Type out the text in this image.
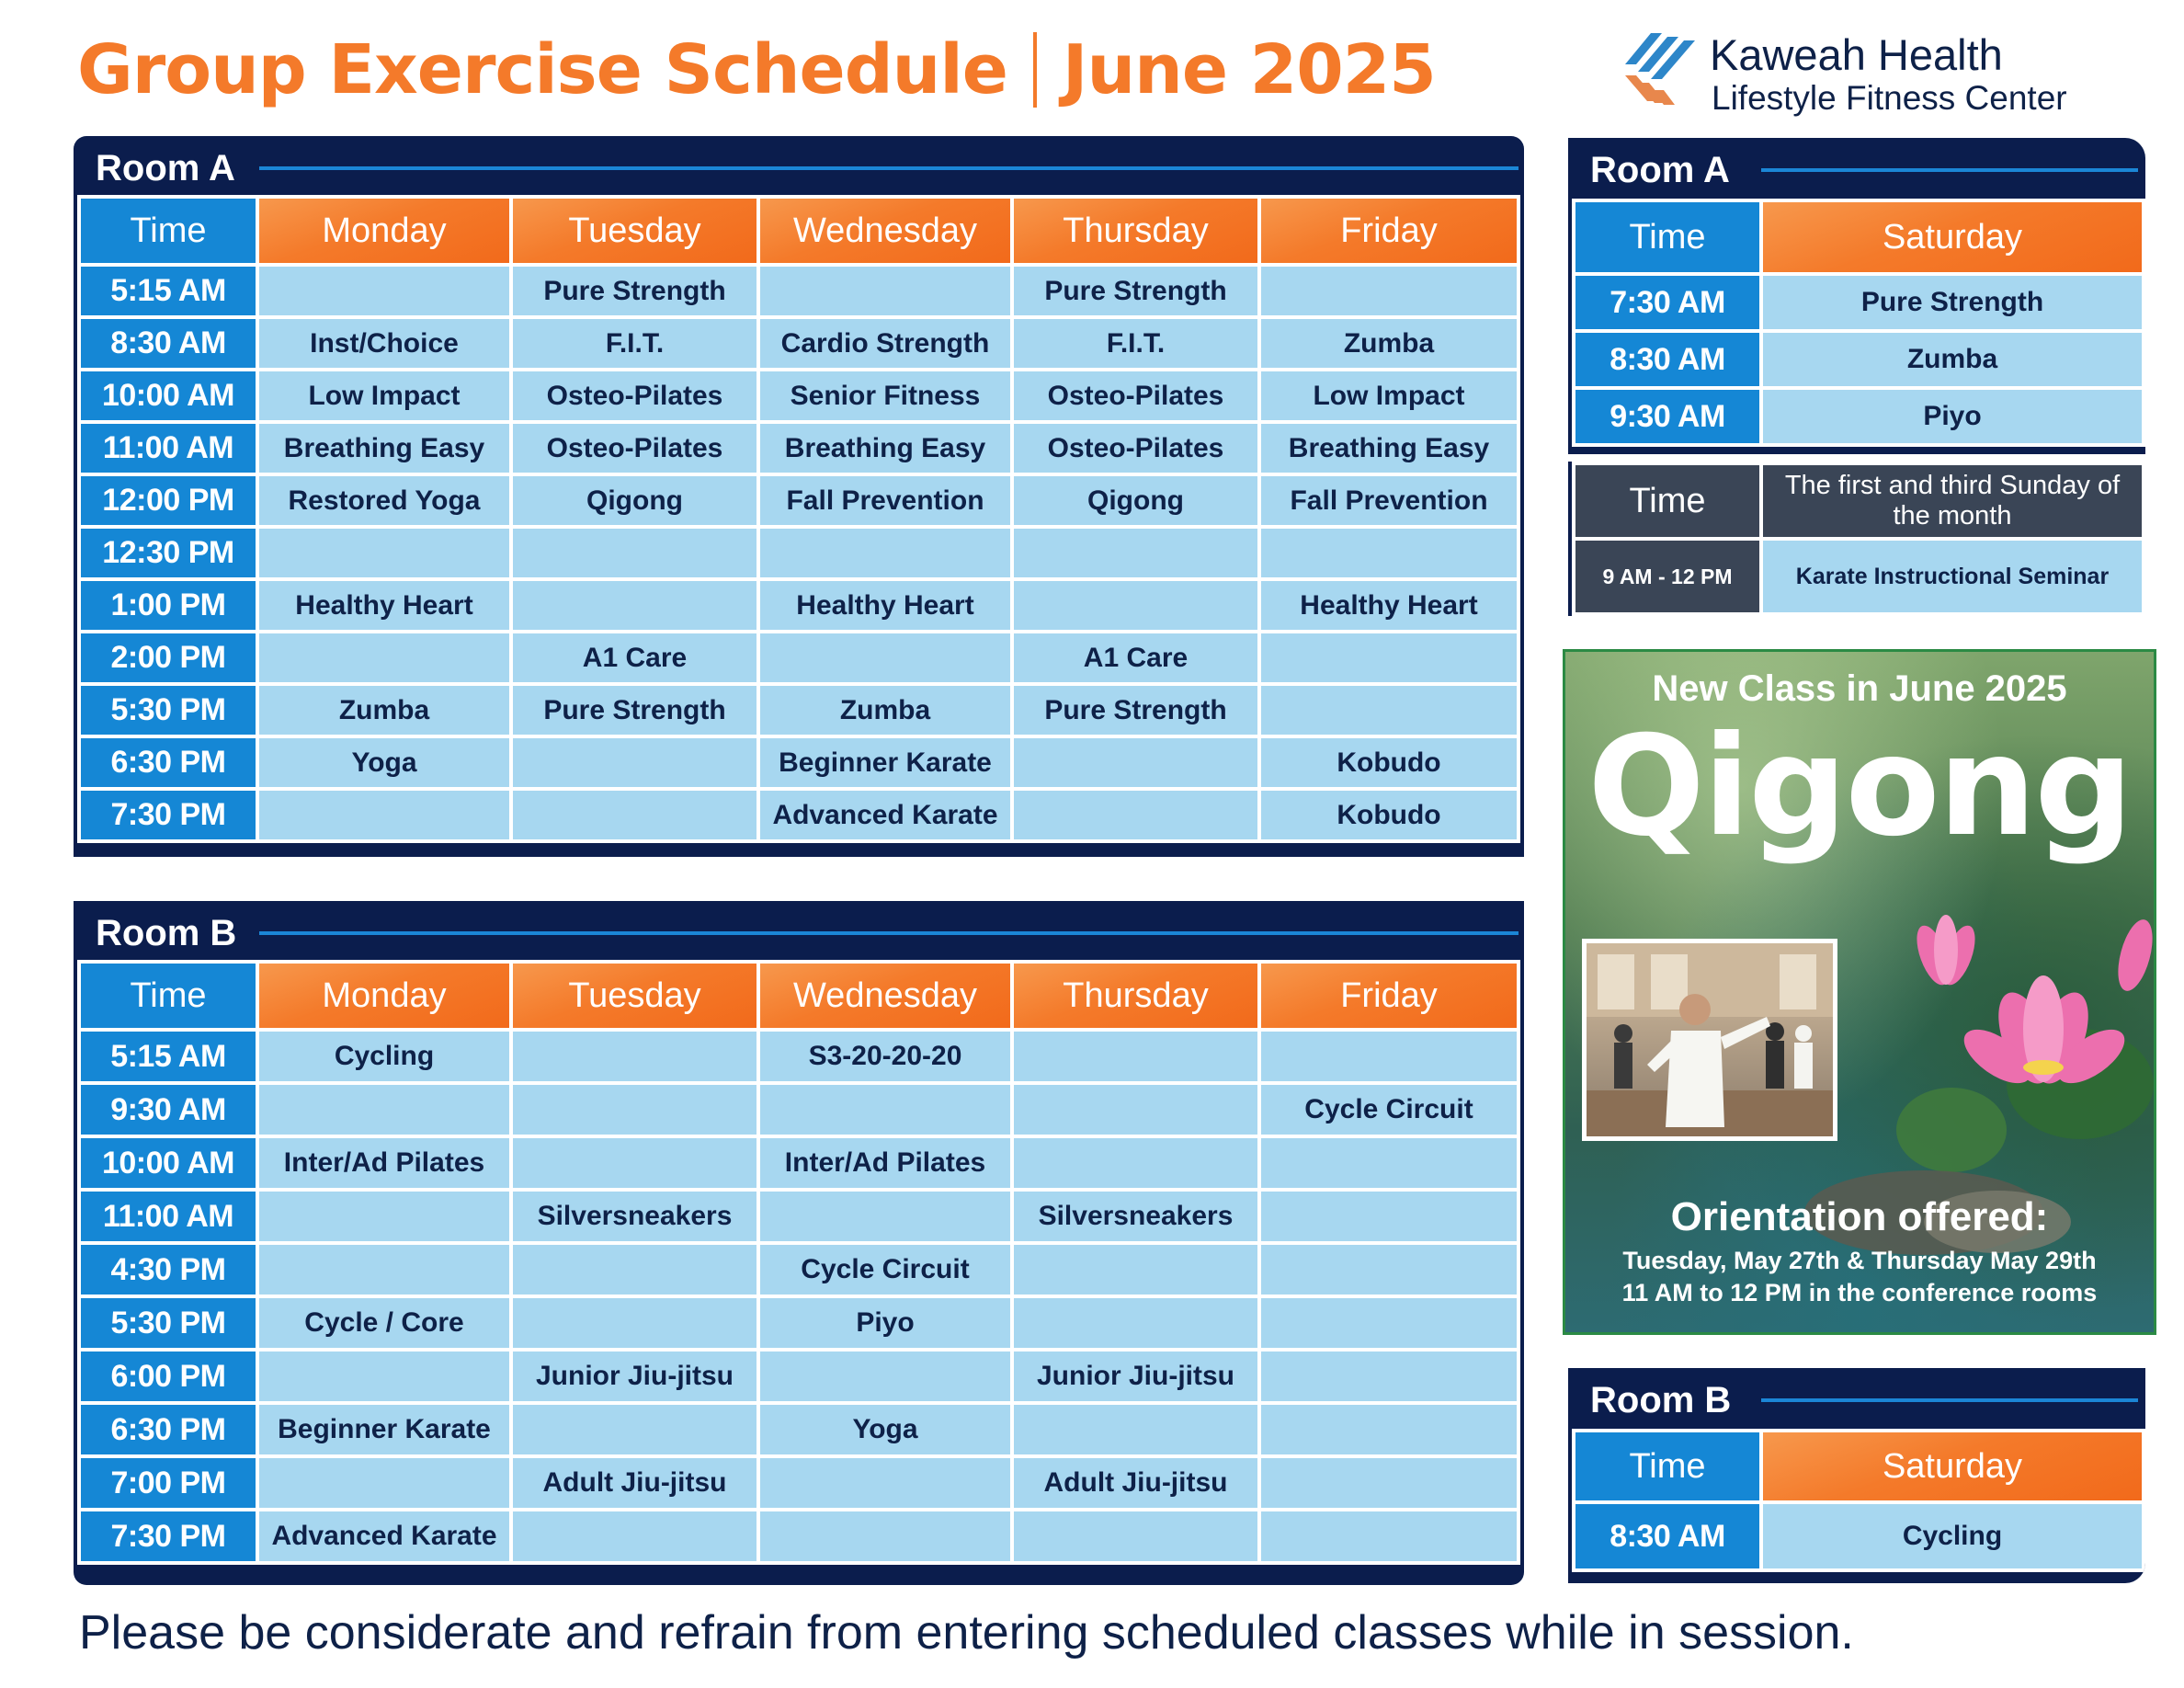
Group Exercise Schedule June 2025	Kaweah Health
Lifestyle Fitness Center
Room A
Time	Monday	Tuesday	Wednesday	Thursday	Friday
5:15 AM		Pure Strength		Pure Strength	
8:30 AM	Inst/Choice	F.I.T.	Cardio Strength	F.I.T.	Zumba
10:00 AM	Low Impact	Osteo-Pilates	Senior Fitness	Osteo-Pilates	Low Impact
11:00 AM	Breathing Easy	Osteo-Pilates	Breathing Easy	Osteo-Pilates	Breathing Easy
12:00 PM	Restored Yoga	Qigong	Fall Prevention	Qigong	Fall Prevention
12:30 PM					
1:00 PM	Healthy Heart		Healthy Heart		Healthy Heart
2:00 PM		A1 Care		A1 Care	
5:30 PM	Zumba	Pure Strength	Zumba	Pure Strength	
6:30 PM	Yoga		Beginner Karate		Kobudo
7:30 PM			Advanced Karate		Kobudo
Room B
Time	Monday	Tuesday	Wednesday	Thursday	Friday
5:15 AM	Cycling		S3-20-20-20		
9:30 AM					Cycle Circuit
10:00 AM	Inter/Ad Pilates		Inter/Ad Pilates		
11:00 AM		Silversneakers		Silversneakers	
4:30 PM			Cycle Circuit		
5:30 PM	Cycle / Core		Piyo		
6:00 PM		Junior Jiu-jitsu		Junior Jiu-jitsu	
6:30 PM	Beginner Karate		Yoga		
7:00 PM		Adult Jiu-jitsu		Adult Jiu-jitsu	
7:30 PM	Advanced Karate				
Room A
Time	Saturday
7:30 AM	Pure Strength
8:30 AM	Zumba
9:30 AM	Piyo
Time	The first and third Sunday of the month
9 AM - 12 PM	Karate Instructional Seminar
New Class in June 2025
Qigong
Orientation offered:
Tuesday, May 27th & Thursday May 29th
11 AM to 12 PM in the conference rooms
Room B
Time	Saturday
8:30 AM	Cycling
Please be considerate and refrain from entering scheduled classes while in session.
